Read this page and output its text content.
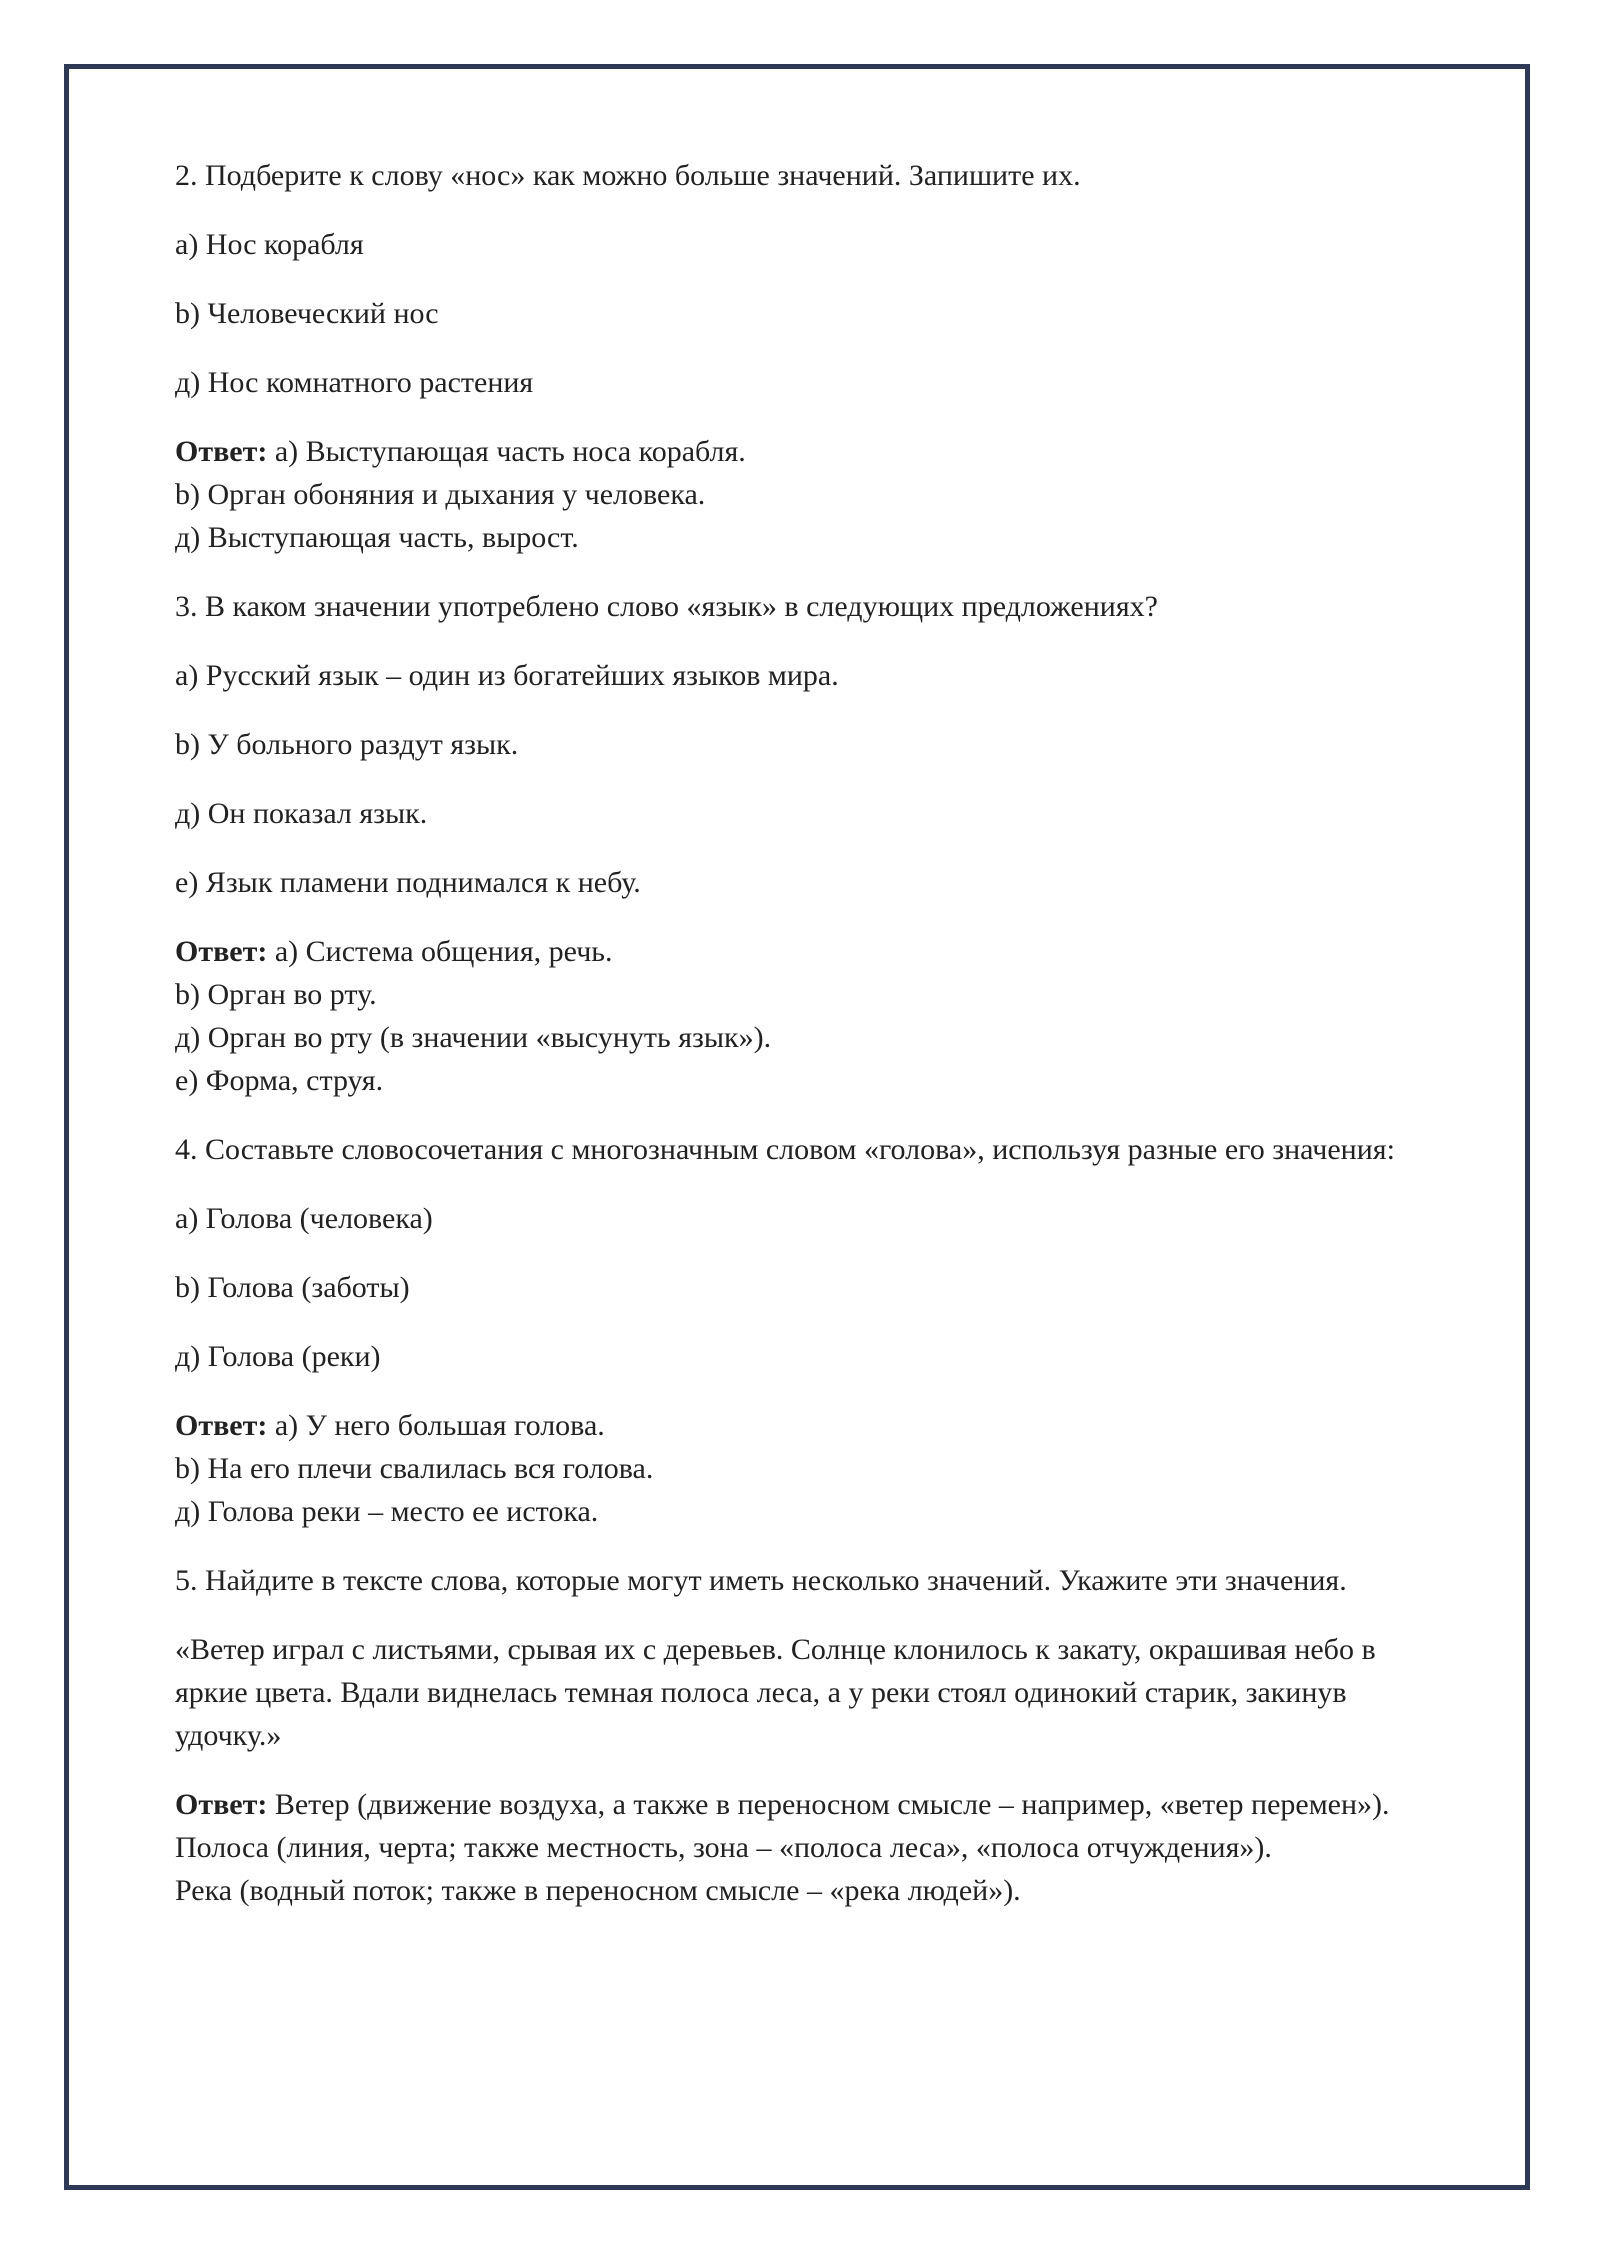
2. Подберите к слову «нос» как можно больше значений. Запишите их.

а) Нос корабля

b) Человеческий нос

д) Нос комнатного растения

Ответ: а) Выступающая часть носа корабля.
b) Орган обоняния и дыхания у человека.
д) Выступающая часть, вырост.

3. В каком значении употреблено слово «язык» в следующих предложениях?

а) Русский язык – один из богатейших языков мира.

b) У больного раздут язык.

д) Он показал язык.

е) Язык пламени поднимался к небу.

Ответ: а) Система общения, речь.
b) Орган во рту.
д) Орган во рту (в значении «высунуть язык»).
е) Форма, струя.

4. Составьте словосочетания с многозначным словом «голова», используя разные его значения:

а) Голова (человека)

b) Голова (заботы)

д) Голова (реки)

Ответ: а) У него большая голова.
b) На его плечи свалилась вся голова.
д) Голова реки – место ее истока.

5. Найдите в тексте слова, которые могут иметь несколько значений. Укажите эти значения.

«Ветер играл с листьями, срывая их с деревьев. Солнце клонилось к закату, окрашивая небо в яркие цвета. Вдали виднелась темная полоса леса, а у реки стоял одинокий старик, закинув удочку.»

Ответ: Ветер (движение воздуха, а также в переносном смысле – например, «ветер перемен»).
Полоса (линия, черта; также местность, зона – «полоса леса», «полоса отчуждения»).
Река (водный поток; также в переносном смысле – «река людей»).
